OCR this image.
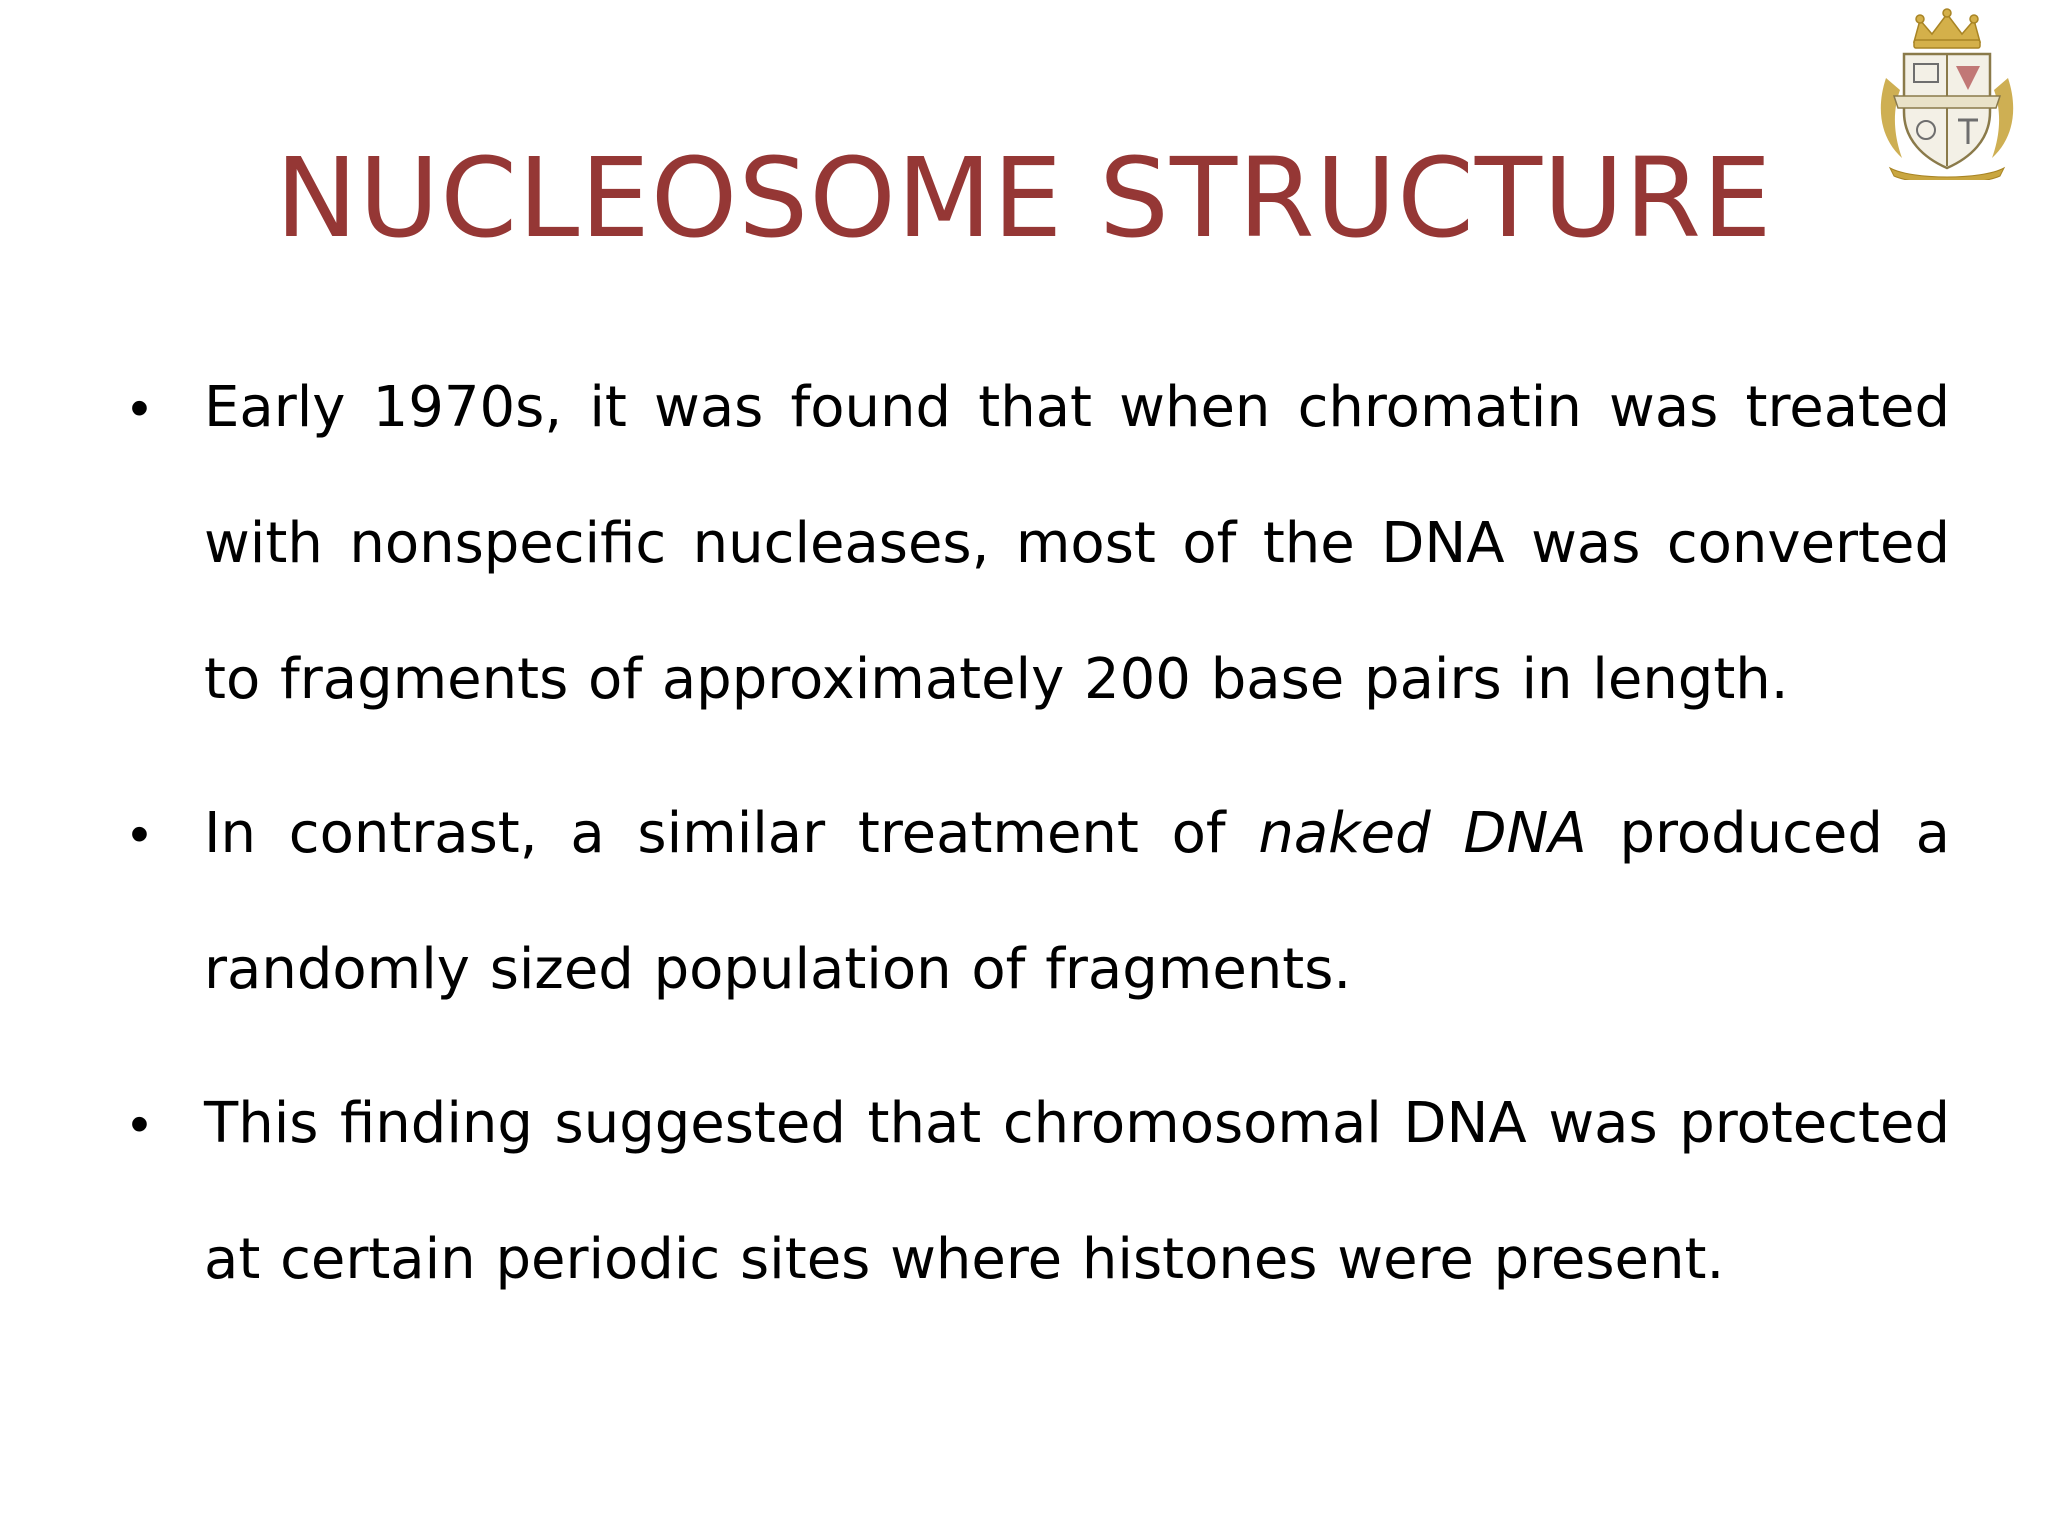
NUCLEOSOME STRUCTURE
• Early 1970s, it was found that when chromatin was treated with nonspecific nucleases, most of the DNA was converted to fragments of approximately 200 base pairs in length.
• In contrast, a similar treatment of naked DNA produced a randomly sized population of fragments.
• This finding suggested that chromosomal DNA was protected at certain periodic sites where histones were present.
